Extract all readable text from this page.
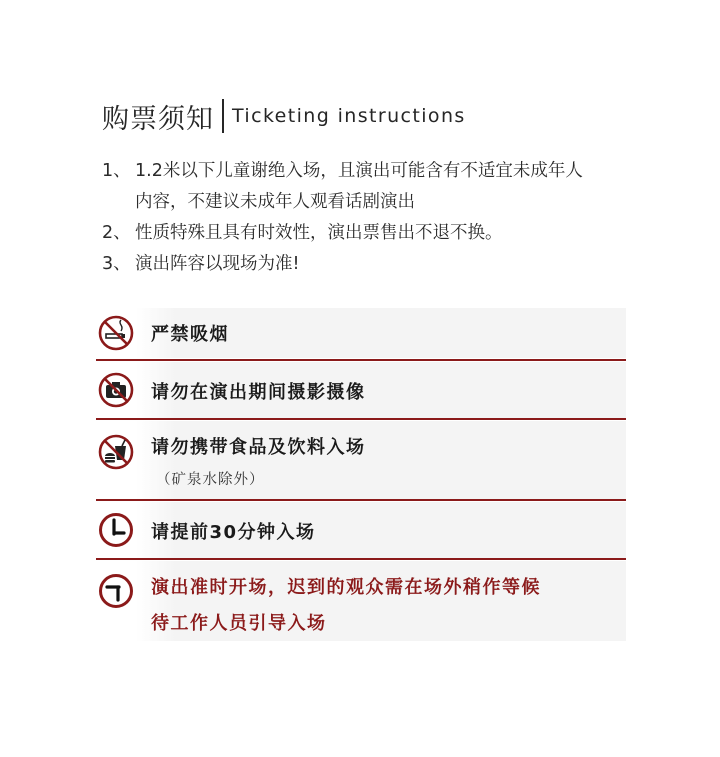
购票须知 Ticketing instructions
1、 1.2米以下儿童谢绝入场，且演出可能含有不适宜未成年人
内容，不建议未成年人观看话剧演出
2、 性质特殊且具有时效性，演出票售出不退不换。
3、 演出阵容以现场为准!
严禁吸烟
请勿在演出期间摄影摄像
请勿携带食品及饮料入场
（矿泉水除外）
请提前30分钟入场
演出准时开场，迟到的观众需在场外稍作等候
待工作人员引导入场
